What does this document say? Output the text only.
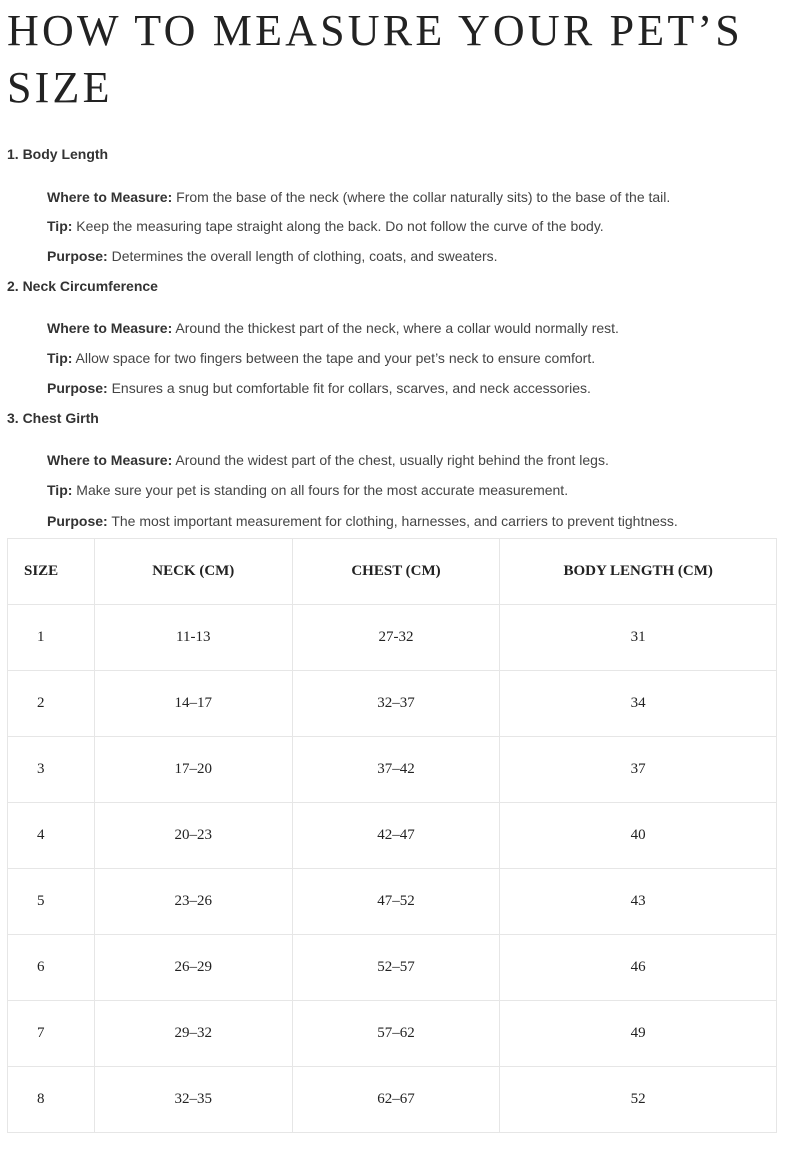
HOW TO MEASURE YOUR PET’S SIZE

1. Body Length

Where to Measure: From the base of the neck (where the collar naturally sits) to the base of the tail.

Tip: Keep the measuring tape straight along the back. Do not follow the curve of the body.

Purpose: Determines the overall length of clothing, coats, and sweaters.

2. Neck Circumference

Where to Measure: Around the thickest part of the neck, where a collar would normally rest.

Tip: Allow space for two fingers between the tape and your pet’s neck to ensure comfort.

Purpose: Ensures a snug but comfortable fit for collars, scarves, and neck accessories.

3. Chest Girth

Where to Measure: Around the widest part of the chest, usually right behind the front legs.

Tip: Make sure your pet is standing on all fours for the most accurate measurement.

Purpose: The most important measurement for clothing, harnesses, and carriers to prevent tightness.

SIZE	NECK (CM)	CHEST (CM)	BODY LENGTH (CM)
1	11-13	27-32	31
2	14–17	32–37	34
3	17–20	37–42	37
4	20–23	42–47	40
5	23–26	47–52	43
6	26–29	52–57	46
7	29–32	57–62	49
8	32–35	62–67	52
